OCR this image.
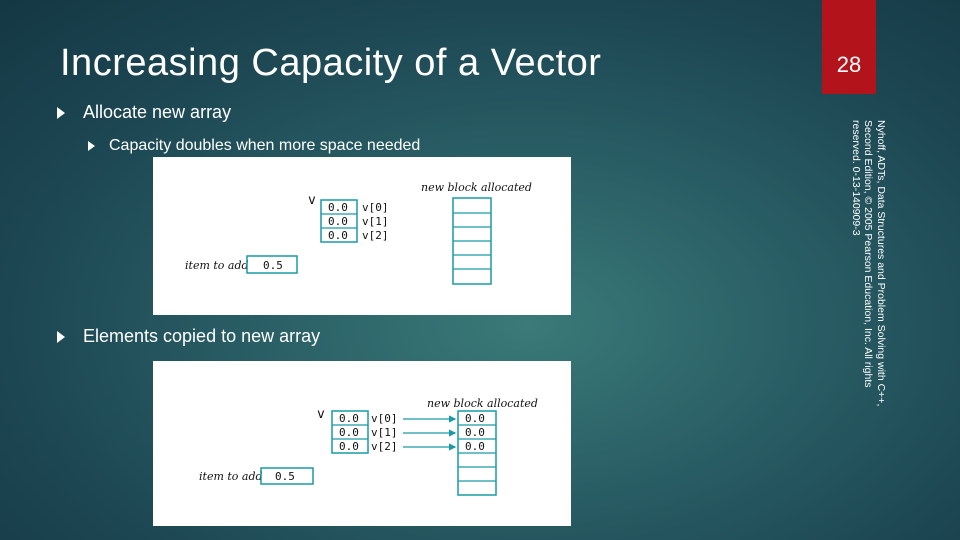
Increasing Capacity of a Vector	28
Allocate new array
Capacity doubles when more space needed
Elements copied to new array
v 0.0
0.0
0.0
v[0]
v[1]
v[2]
new block allocated
item to add 0.5
v 0.0
0.0
0.0
v[0]
v[1]
v[2]
new block allocated
0.0
0.0
0.0
item to add 0.5
Nyhoff, ADTs, Data Structures and Problem Solving with C++, Second Edition, © 2005 Pearson Education, Inc. All rights reserved. 0-13-140909-3
